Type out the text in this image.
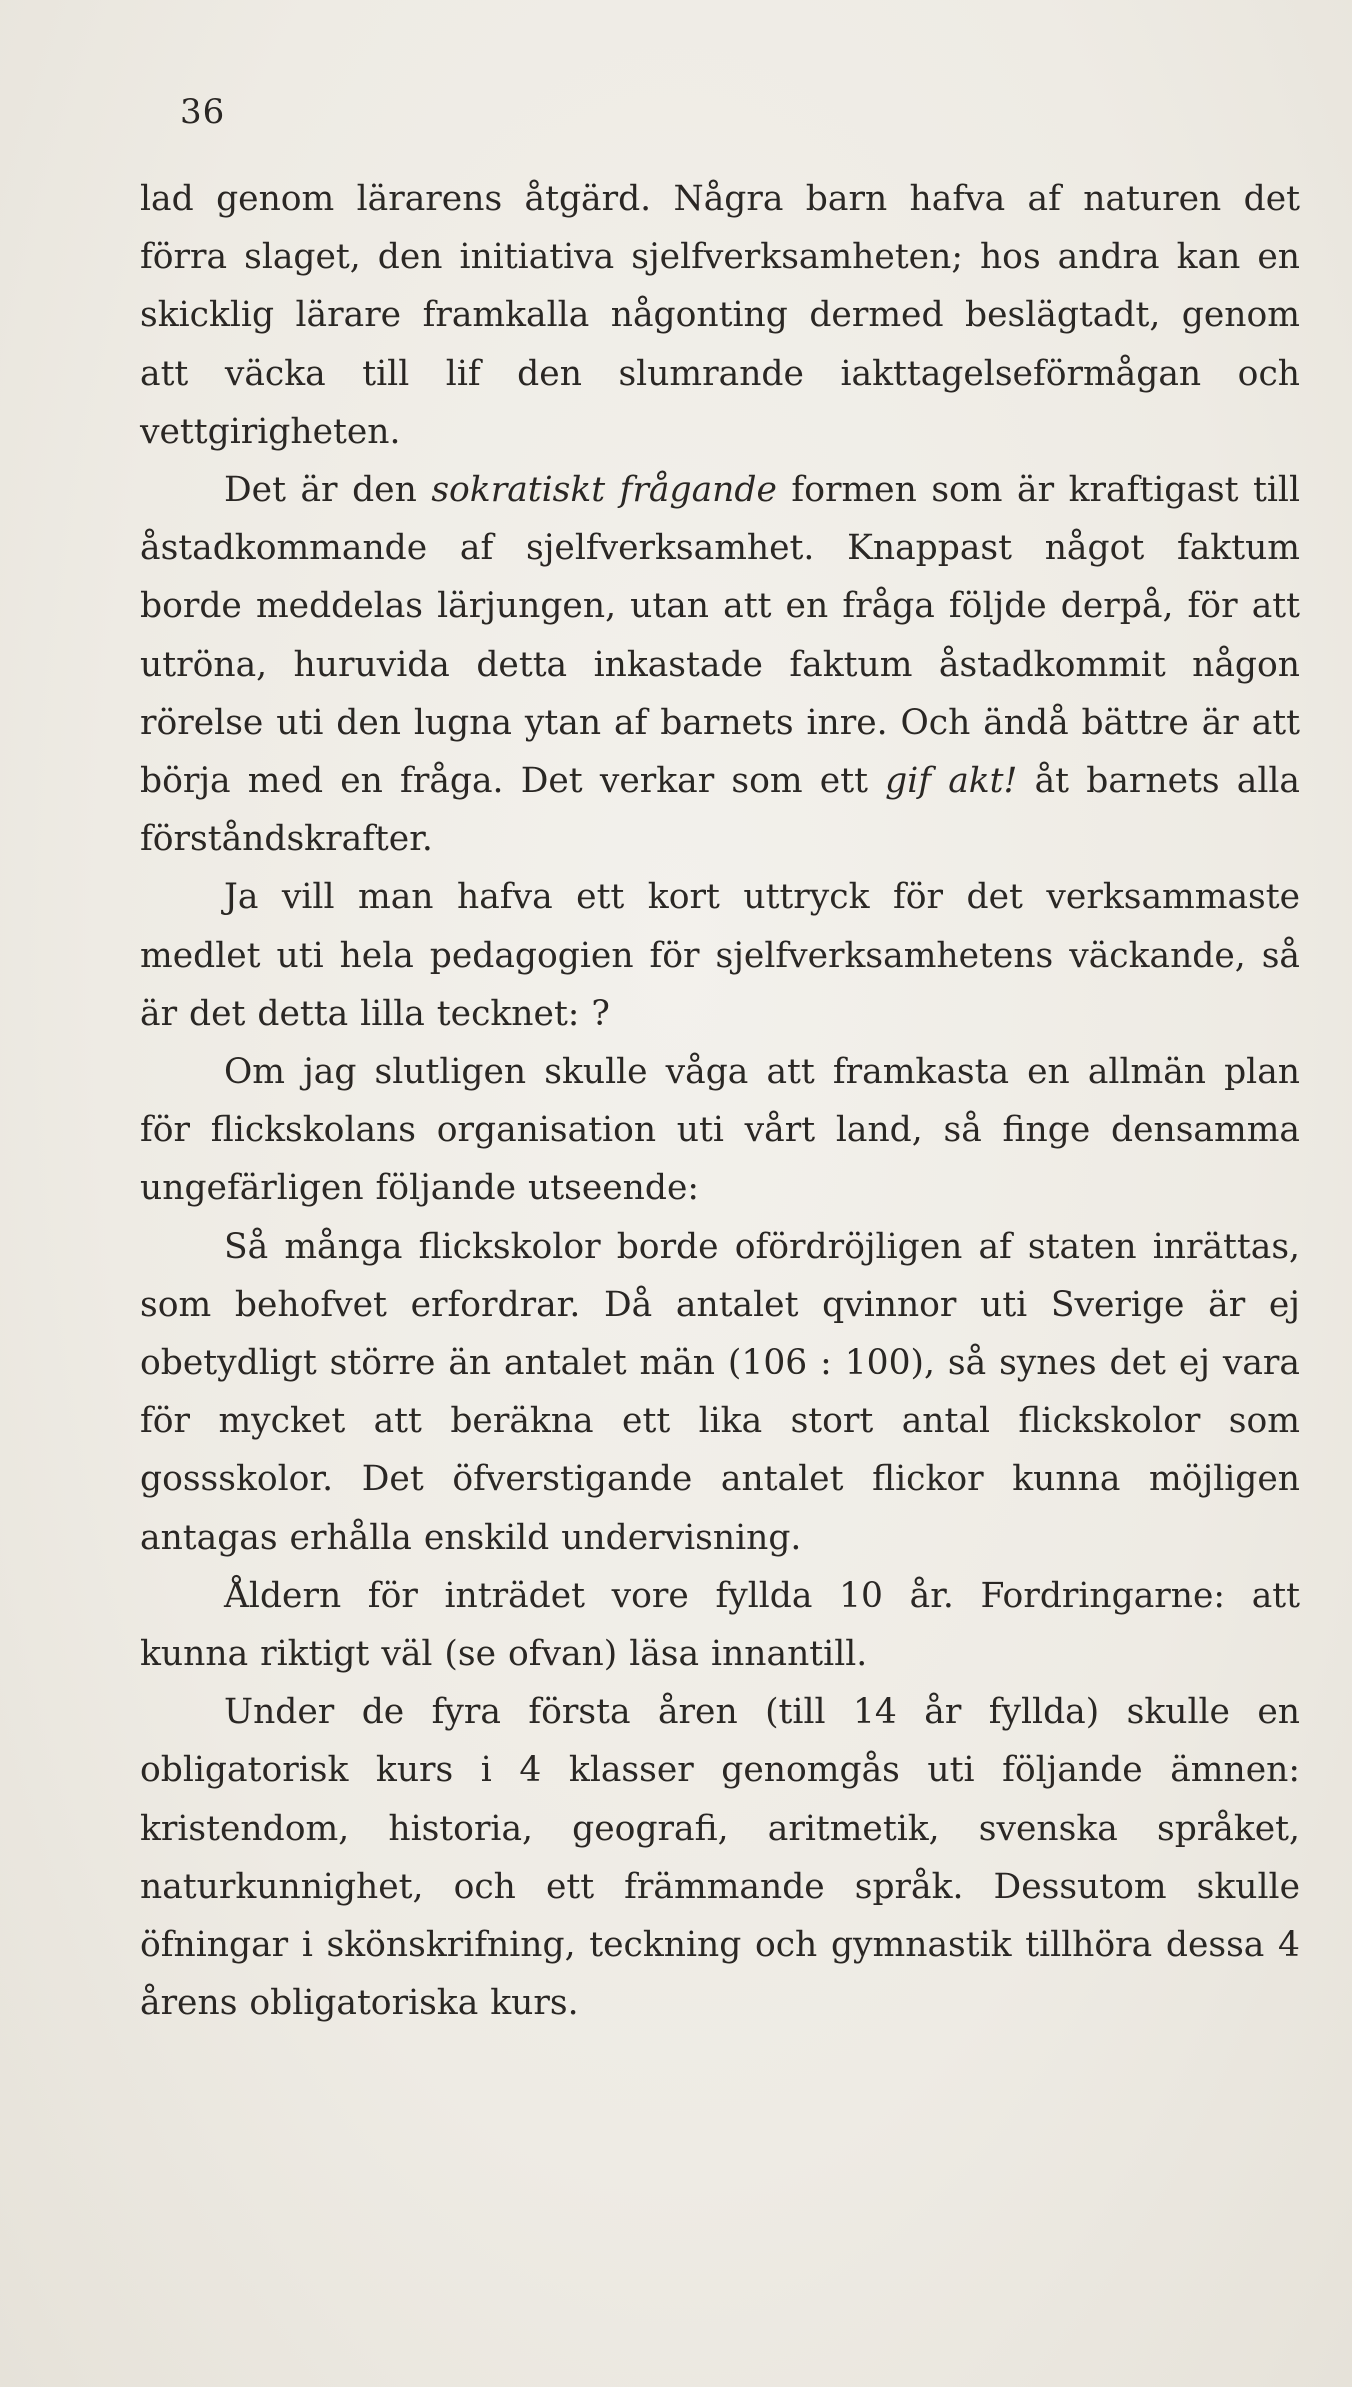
36

lad genom lärarens åtgärd. Några barn hafva af naturen det förra slaget, den initiativa sjelfverksamheten; hos andra kan en skicklig lärare framkalla någonting dermed beslägtadt, genom att väcka till lif den slumrande iakttagelseförmågan och vettgirigheten.

Det är den sokratiskt frågande formen som är kraftigast till åstadkommande af sjelfverksamhet. Knappast något faktum borde meddelas lärjungen, utan att en fråga följde derpå, för att utröna, huruvida detta inkastade faktum åstadkommit någon rörelse uti den lugna ytan af barnets inre. Och ändå bättre är att börja med en fråga. Det verkar som ett gif akt! åt barnets alla förståndskrafter.

Ja vill man hafva ett kort uttryck för det verksammaste medlet uti hela pedagogien för sjelfverksamhetens väckande, så är det detta lilla tecknet: ?

Om jag slutligen skulle våga att framkasta en allmän plan för flickskolans organisation uti vårt land, så finge densamma ungefärligen följande utseende:

Så många flickskolor borde ofördröjligen af staten inrättas, som behofvet erfordrar. Då antalet qvinnor uti Sverige är ej obetydligt större än antalet män (106 : 100), så synes det ej vara för mycket att beräkna ett lika stort antal flickskolor som gossskolor. Det öfverstigande antalet flickor kunna möjligen antagas erhålla enskild undervisning.

Åldern för inträdet vore fyllda 10 år. Fordringarne: att kunna riktigt väl (se ofvan) läsa innantill.

Under de fyra första åren (till 14 år fyllda) skulle en obligatorisk kurs i 4 klasser genomgås uti följande ämnen: kristendom, historia, geografi, aritmetik, svenska språket, naturkunnighet, och ett främmande språk. Dessutom skulle öfningar i skönskrifning, teckning och gymnastik tillhöra dessa 4 årens obligatoriska kurs.
